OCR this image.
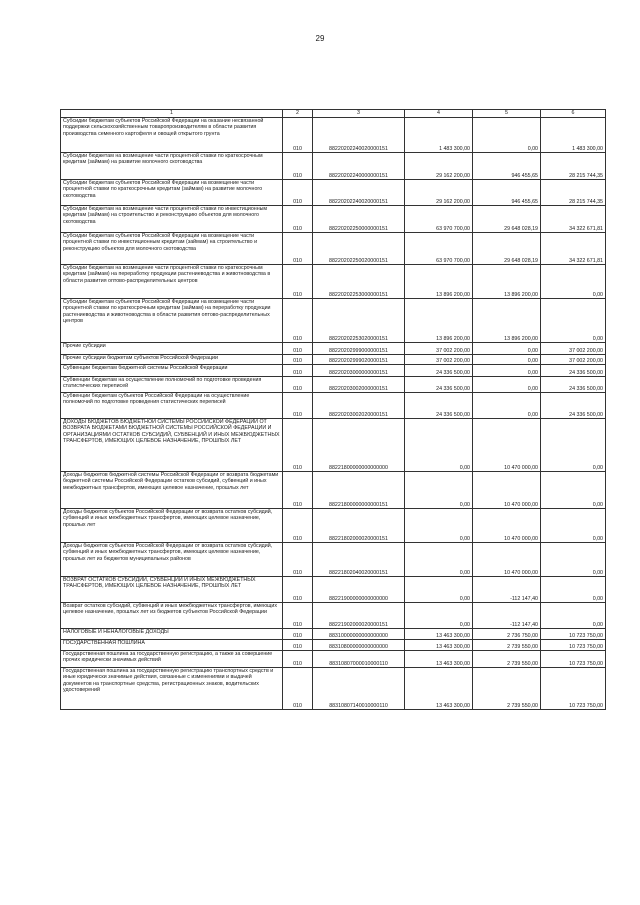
29
1	2	3	4	5	6
Субсидии бюджетам субъектов Российской Федерации на оказание несвязанной поддержки сельскохозяйственным товаропроизводителям в области развития производства семенного картофеля и овощей открытого грунта	010	88220202240020000151	1 483 300,00	0,00	1 483 300,00
Субсидии бюджетам на возмещение части процентной ставки по краткосрочным кредитам (займам) на развитие молочного скотоводства	010	88220202240000000151	29 162 200,00	946 455,65	28 215 744,35
Субсидии бюджетам субъектов Российской Федерации на возмещение части процентной ставки по краткосрочным кредитам (займам) на развитие молочного скотоводства	010	88220202240020000151	29 162 200,00	946 455,65	28 215 744,35
Субсидии бюджетам на возмещение части процентной ставки по инвестиционным кредитам (займам) на строительство и реконструкцию объектов для молочного скотоводства	010	88220202250000000151	63 970 700,00	29 648 028,19	34 322 671,81
Субсидии бюджетам субъектов Российской Федерации на возмещение части процентной ставки по инвестиционным кредитам (займам) на строительство и реконструкцию объектов для молочного скотоводства	010	88220202250020000151	63 970 700,00	29 648 028,19	34 322 671,81
Субсидии бюджетам на возмещение части процентной ставки по краткосрочным кредитам (займам) на переработку продукции растениеводства и животноводства в области развития оптово-распределительных центров	010	88220202253000000151	13 896 200,00	13 896 200,00	0,00
Субсидии бюджетам субъектов Российской Федерации на возмещение части процентной ставки по краткосрочным кредитам (займам) на переработку продукции растениеводства и животноводства в области развития оптово-распределительных центров	010	88220202253020000151	13 896 200,00	13 896 200,00	0,00
Прочие субсидии	010	88220202999000000151	37 002 200,00	0,00	37 002 200,00
Прочие субсидии бюджетам субъектов Российской Федерации	010	88220202999020000151	37 002 200,00	0,00	37 002 200,00
Субвенции бюджетам бюджетной системы Российской Федерации	010	88220203000000000151	24 336 500,00	0,00	24 336 500,00
Субвенции бюджетам на осуществление полномочий по подготовке проведения статистических переписей	010	88220203002000000151	24 336 500,00	0,00	24 336 500,00
Субвенции бюджетам субъектов Российской Федерации на осуществление полномочий по подготовке проведения статистических переписей	010	88220203002020000151	24 336 500,00	0,00	24 336 500,00
ДОХОДЫ БЮДЖЕТОВ БЮДЖЕТНОЙ СИСТЕМЫ РОССИЙСКОЙ ФЕДЕРАЦИИ ОТ ВОЗВРАТА БЮДЖЕТАМИ БЮДЖЕТНОЙ СИСТЕМЫ РОССИЙСКОЙ ФЕДЕРАЦИИ И ОРГАНИЗАЦИЯМИ ОСТАТКОВ СУБСИДИЙ, СУБВЕНЦИЙ И ИНЫХ МЕЖБЮДЖЕТНЫХ ТРАНСФЕРТОВ, ИМЕЮЩИХ ЦЕЛЕВОЕ НАЗНАЧЕНИЕ, ПРОШЛЫХ ЛЕТ	010	88221800000000000000	0,00	10 470 000,00	0,00
Доходы бюджетов бюджетной системы Российской Федерации от возврата бюджетами бюджетной системы Российской Федерации остатков субсидий, субвенций и иных межбюджетных трансфертов, имеющих целевое назначение, прошлых лет	010	88221800000000000151	0,00	10 470 000,00	0,00
Доходы бюджетов субъектов Российской Федерации от возврата остатков субсидий, субвенций и иных межбюджетных трансфертов, имеющих целевое назначение, прошлых лет	010	88221802000020000151	0,00	10 470 000,00	0,00
Доходы бюджетов субъектов Российской Федерации от возврата остатков субсидий, субвенций и иных межбюджетных трансфертов, имеющих целевое назначение, прошлых лет из бюджетов муниципальных районов	010	88221802040020000151	0,00	10 470 000,00	0,00
ВОЗВРАТ ОСТАТКОВ СУБСИДИЙ, СУБВЕНЦИЙ И ИНЫХ МЕЖБЮДЖЕТНЫХ ТРАНСФЕРТОВ, ИМЕЮЩИХ ЦЕЛЕВОЕ НАЗНАЧЕНИЕ, ПРОШЛЫХ ЛЕТ	010	88221900000000000000	0,00	-112 147,40	0,00
Возврат остатков субсидий, субвенций и иных межбюджетных трансфертов, имеющих целевое назначение, прошлых лет из бюджетов субъектов Российской Федерации	010	88221902000020000151	0,00	-112 147,40	0,00
НАЛОГОВЫЕ И НЕНАЛОГОВЫЕ ДОХОДЫ	010	88310000000000000000	13 463 300,00	2 736 750,00	10 723 750,00
ГОСУДАРСТВЕННАЯ ПОШЛИНА	010	88310800000000000000	13 463 300,00	2 739 550,00	10 723 750,00
Государственная пошлина за государственную регистрацию, а также за совершение прочих юридически значимых действий	010	88310807000010000110	13 463 300,00	2 739 550,00	10 723 750,00
Государственная пошлина за государственную регистрацию транспортных средств и иные юридически значимые действия, связанные с изменениями и выдачей документов на транспортные средства, регистрационных знаков, водительских удостоверений	010	88310807140010000110	13 463 300,00	2 739 550,00	10 723 750,00
